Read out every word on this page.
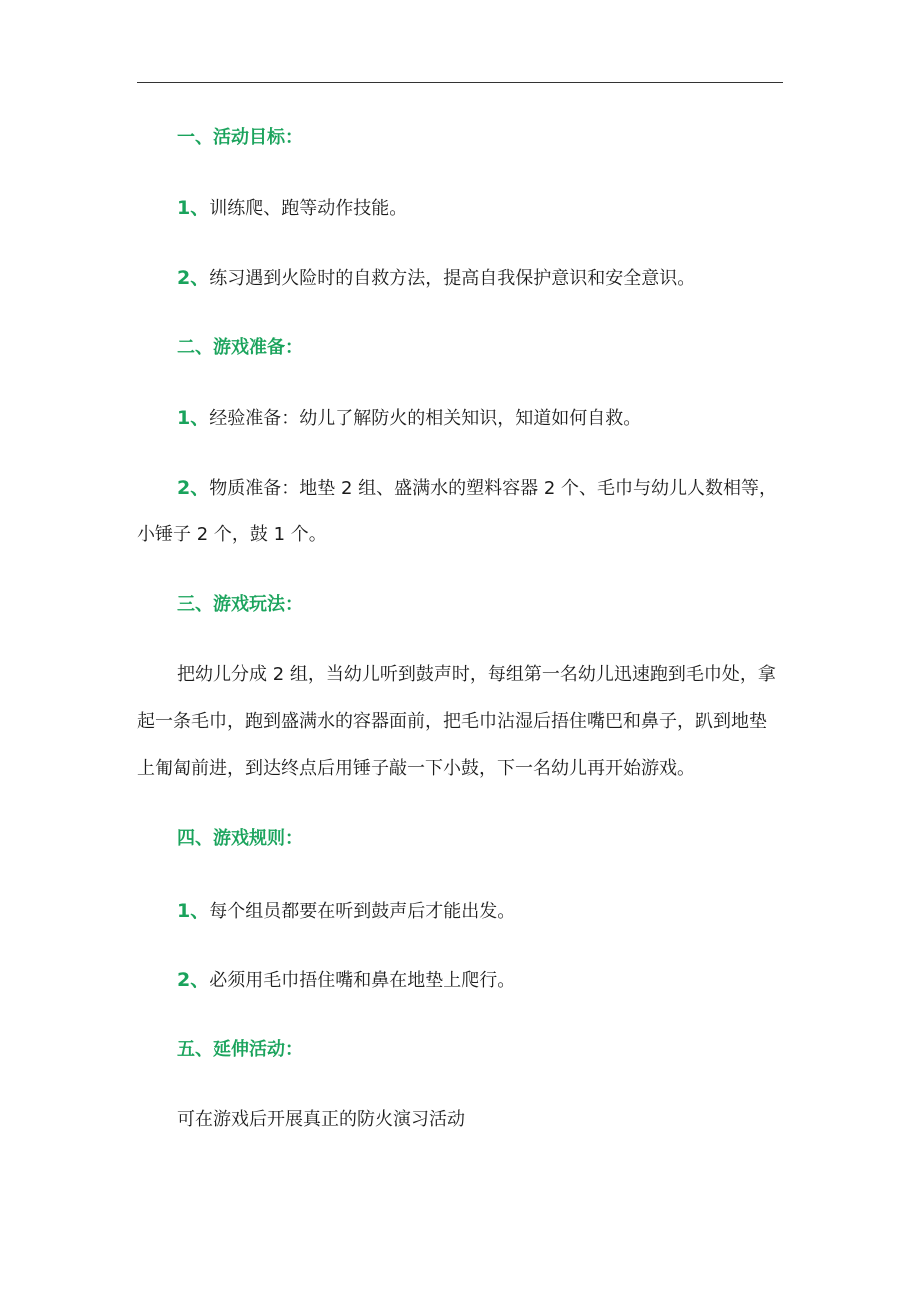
一、活动目标：
1、训练爬、跑等动作技能。
2、练习遇到火险时的自救方法，提高自我保护意识和安全意识。
二、游戏准备：
1、经验准备：幼儿了解防火的相关知识，知道如何自救。
2、物质准备：地垫 2 组、盛满水的塑料容器 2 个、毛巾与幼儿人数相等，
小锤子 2 个，鼓 1 个。
三、游戏玩法：
把幼儿分成 2 组，当幼儿听到鼓声时，每组第一名幼儿迅速跑到毛巾处，拿
起一条毛巾，跑到盛满水的容器面前，把毛巾沾湿后捂住嘴巴和鼻子，趴到地垫
上匍匐前进，到达终点后用锤子敲一下小鼓，下一名幼儿再开始游戏。
四、游戏规则：
1、每个组员都要在听到鼓声后才能出发。
2、必须用毛巾捂住嘴和鼻在地垫上爬行。
五、延伸活动：
可在游戏后开展真正的防火演习活动
